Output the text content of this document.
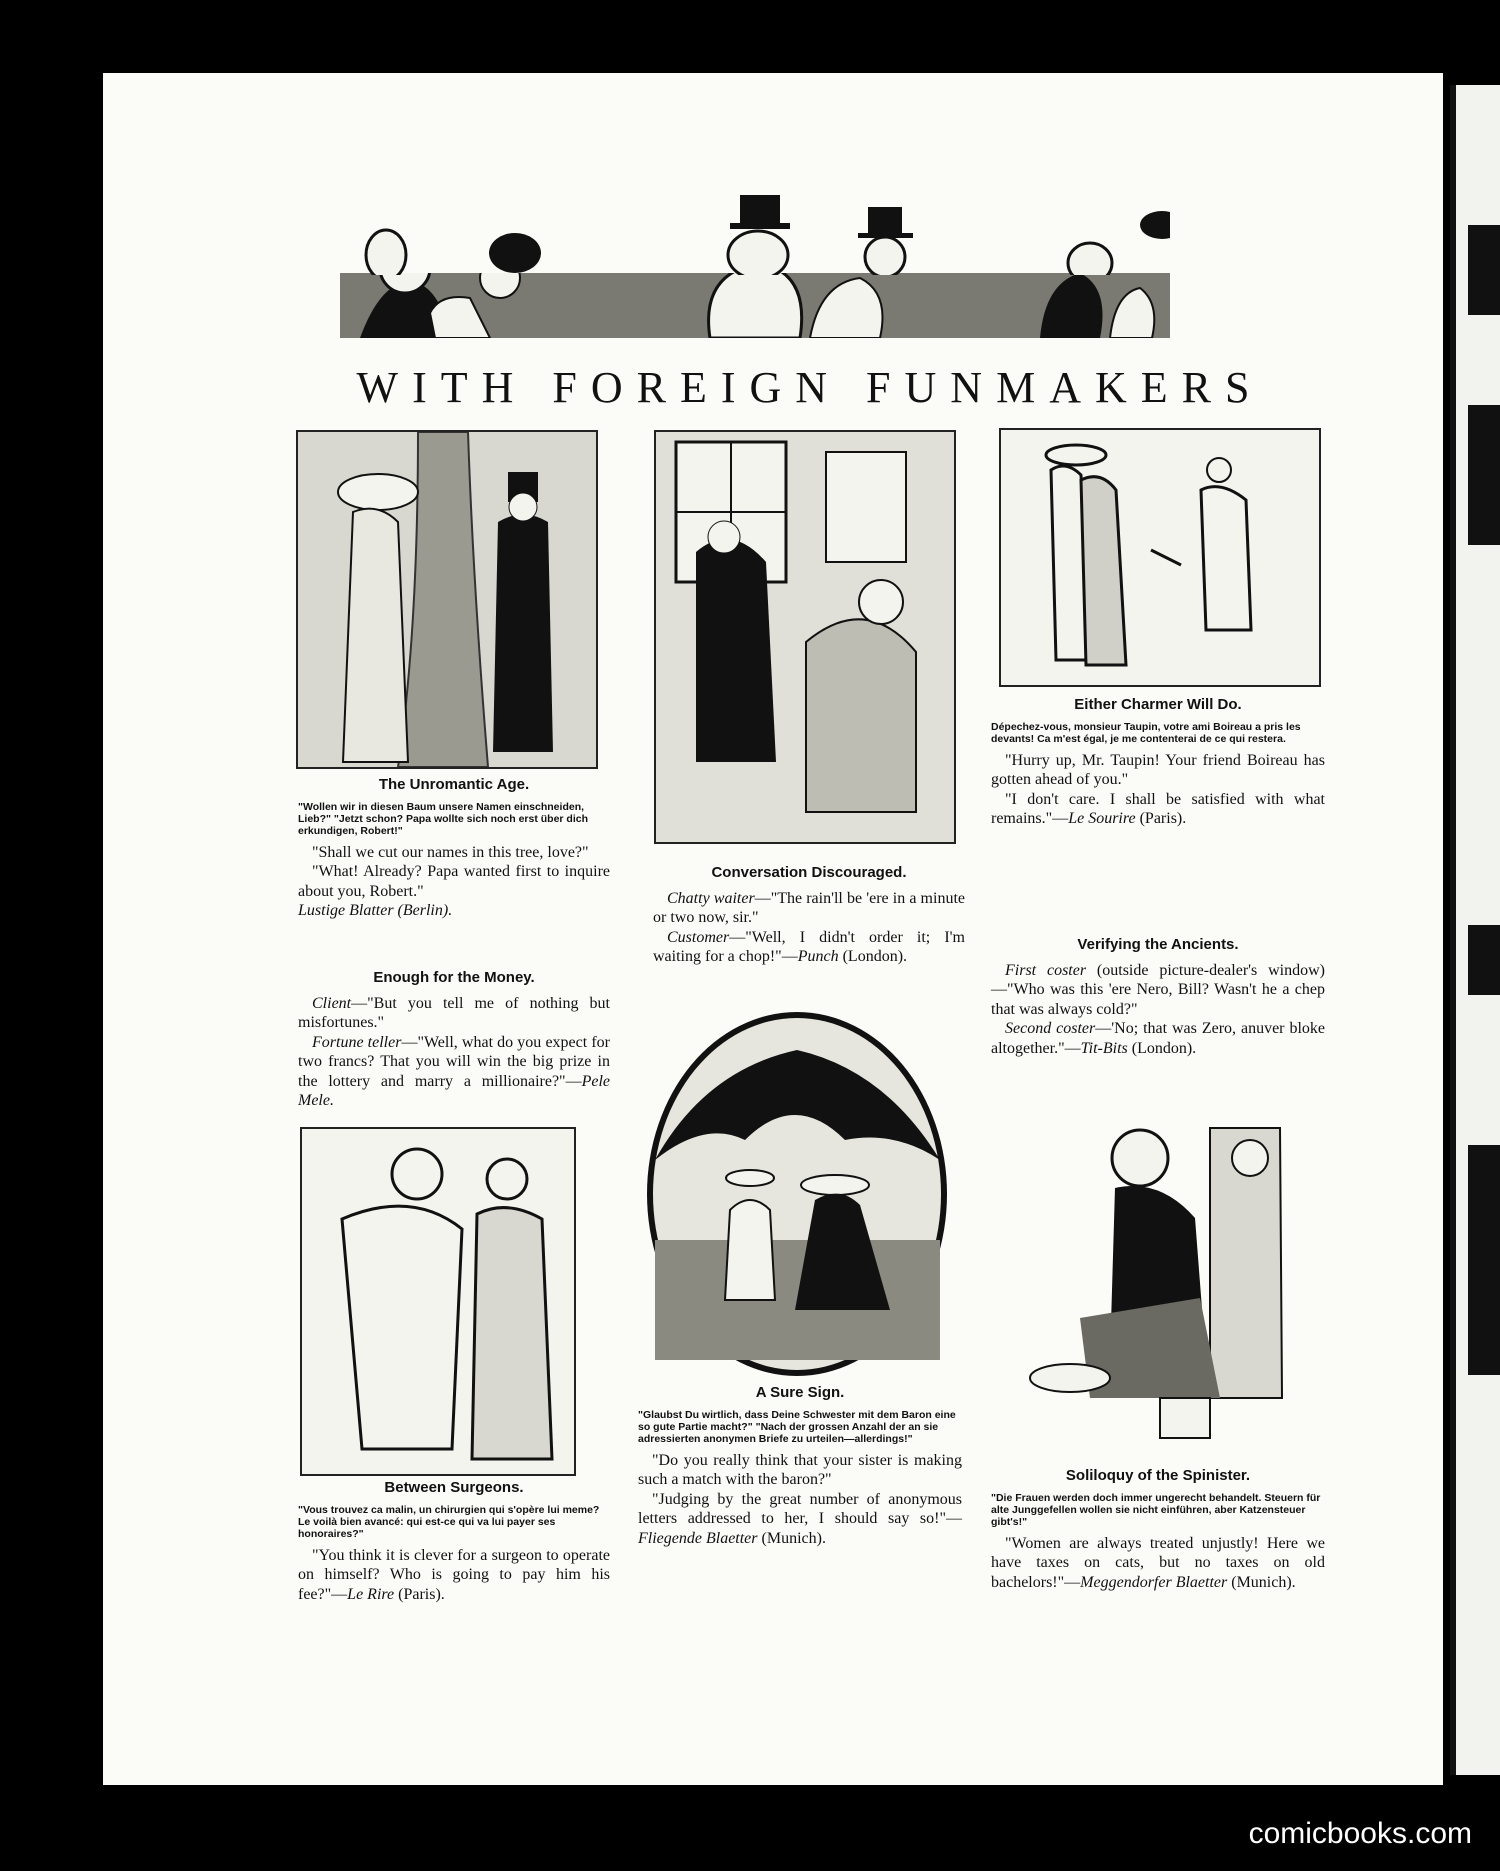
WITH FOREIGN FUNMAKERS

The Unromantic Age.

"Wollen wir in diesen Baum unsere Namen einschneiden, Lieb?" "Jetzt schon? Papa wollte sich noch erst über dich erkundigen, Robert!"

"Shall we cut our names in this tree, love?"

"What! Already? Papa wanted first to inquire about you, Robert."

Lustige Blatter (Berlin).

Enough for the Money.

Client—"But you tell me of nothing but misfortunes."

Fortune teller—"Well, what do you expect for two francs? That you will win the big prize in the lottery and marry a millionaire?"—Pele Mele.

Between Surgeons.

"Vous trouvez ca malin, un chirurgien qui s'opère lui meme? Le voilà bien avancé: qui est-ce qui va lui payer ses honoraires?"

"You think it is clever for a surgeon to operate on himself? Who is going to pay him his fee?"—Le Rire (Paris).

Conversation Discouraged.

Chatty waiter—"The rain'll be 'ere in a minute or two now, sir."

Customer—"Well, I didn't order it; I'm waiting for a chop!"—Punch (London).

A Sure Sign.

"Glaubst Du wirtlich, dass Deine Schwester mit dem Baron eine so gute Partie macht?" "Nach der grossen Anzahl der an sie adressierten anonymen Briefe zu urteilen—allerdings!"

"Do you really think that your sister is making such a match with the baron?"

"Judging by the great number of anonymous letters addressed to her, I should say so!"—Fliegende Blaetter (Munich).

Either Charmer Will Do.

Dépechez-vous, monsieur Taupin, votre ami Boireau a pris les devants! Ca m'est égal, je me contenterai de ce qui restera.

"Hurry up, Mr. Taupin! Your friend Boireau has gotten ahead of you."

"I don't care. I shall be satisfied with what remains."—Le Sourire (Paris).

Verifying the Ancients.

First coster (outside picture-dealer's window)—"Who was this 'ere Nero, Bill? Wasn't he a chep that was always cold?"

Second coster—'No; that was Zero, anuver bloke altogether."—Tit-Bits (London).

Soliloquy of the Spinister.

"Die Frauen werden doch immer ungerecht behandelt. Steuern für alte Junggefellen wollen sie nicht einführen, aber Katzensteuer gibt's!"

"Women are always treated unjustly! Here we have taxes on cats, but no taxes on old bachelors!"—Meggendorfer Blaetter (Munich).

comicbooks.com
